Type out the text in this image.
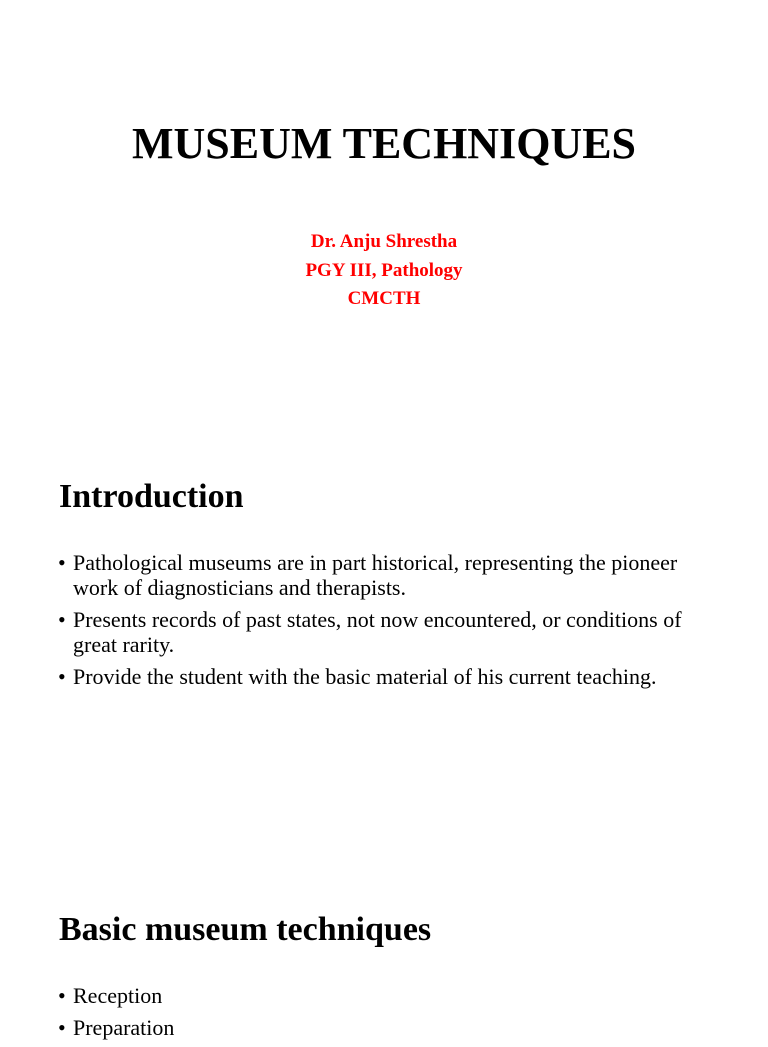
MUSEUM TECHNIQUES
Dr. Anju Shrestha
PGY III, Pathology
CMCTH
Introduction
• Pathological museums are in part historical, representing the pioneer work of diagnosticians and therapists.
• Presents records of past states, not now encountered, or conditions of great rarity.
• Provide the student with the basic material of his current teaching.
Basic museum techniques
• Reception
• Preparation
